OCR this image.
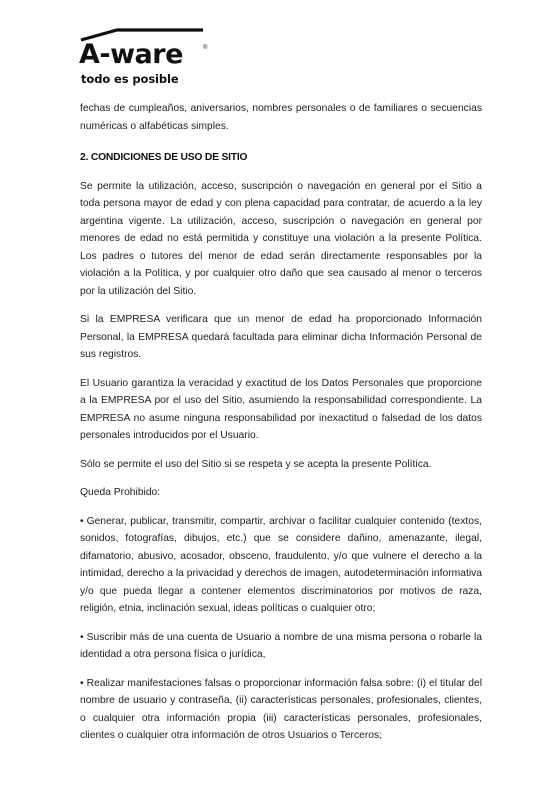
A-ware	®
todo es posible

fechas de cumpleaños, aniversarios, nombres personales o de familiares o secuencias numéricas o alfabéticas simples.

2. CONDICIONES DE USO DE SITIO

Se permite la utilización, acceso, suscripción o navegación en general por el Sitio a toda persona mayor de edad y con plena capacidad para contratar, de acuerdo a la ley argentina vigente. La utilización, acceso, suscripción o navegación en general por menores de edad no está permitida y constituye una violación a la presente Política. Los padres o tutores del menor de edad serán directamente responsables por la violación a la Política, y por cualquier otro daño que sea causado al menor o terceros por la utilización del Sitio.

Si la EMPRESA verificara que un menor de edad ha proporcionado Información Personal, la EMPRESA quedará facultada para eliminar dicha Información Personal de sus registros.

El Usuario garantiza la veracidad y exactitud de los Datos Personales que proporcione a la EMPRESA por el uso del Sitio, asumiendo la responsabilidad correspondiente. La EMPRESA no asume ninguna responsabilidad por inexactitud o falsedad de los datos personales introducidos por el Usuario.

Sólo se permite el uso del Sitio si se respeta y se acepta la presente Política.

Queda Prohibido:

• Generar, publicar, transmitir, compartir, archivar o facilitar cualquier contenido (textos, sonidos, fotografías, dibujos, etc.) que se considere dañino, amenazante, ilegal, difamatorio, abusivo, acosador, obsceno, fraudulento, y/o que vulnere el derecho a la intimidad, derecho a la privacidad y derechos de imagen, autodeterminación informativa y/o que pueda llegar a contener elementos discriminatorios por motivos de raza, religión, etnia, inclinación sexual, ideas políticas o cualquier otro;

• Suscribir más de una cuenta de Usuario a nombre de una misma persona o robarle la identidad a otra persona física o jurídica,

• Realizar manifestaciones falsas o proporcionar información falsa sobre: (i) el titular del nombre de usuario y contraseña, (ii) características personales, profesionales, clientes, o cualquier otra información propia (iii) características personales, profesionales, clientes o cualquier otra información de otros Usuarios o Terceros;
